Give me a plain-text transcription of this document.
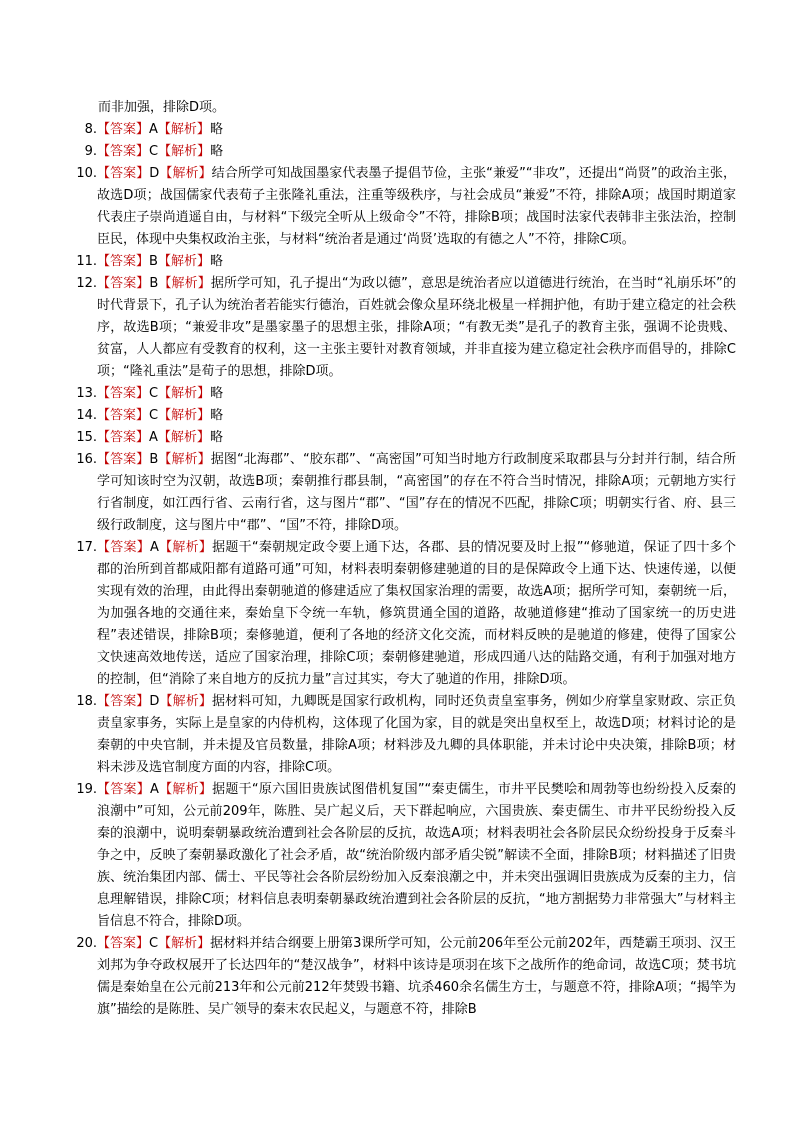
而非加强，排除D项。
8. 【答案】A【解析】略
9. 【答案】C【解析】略
10. 【答案】D【解析】结合所学可知战国墨家代表墨子提倡节俭，主张“兼爱”“非攻”，还提出“尚贤”的政治主张，故选D项；战国儒家代表荀子主张隆礼重法，注重等级秩序，与社会成员“兼爱”不符，排除A项；战国时期道家代表庄子崇尚逍遥自由，与材料“下级完全听从上级命令”不符，排除B项；战国时法家代表韩非主张法治，控制臣民，体现中央集权政治主张，与材料“统治者是通过‘尚贤’选取的有德之人”不符，排除C项。
11. 【答案】B【解析】略
12. 【答案】B【解析】据所学可知，孔子提出“为政以德”，意思是统治者应以道德进行统治，在当时“礼崩乐坏”的时代背景下，孔子认为统治者若能实行德治，百姓就会像众星环绕北极星一样拥护他，有助于建立稳定的社会秩序，故选B项；“兼爱非攻”是墨家墨子的思想主张，排除A项；“有教无类”是孔子的教育主张，强调不论贵贱、贫富，人人都应有受教育的权利，这一主张主要针对教育领域，并非直接为建立稳定社会秩序而倡导的，排除C项；“隆礼重法”是荀子的思想，排除D项。
13. 【答案】C【解析】略
14. 【答案】C【解析】略
15. 【答案】A【解析】略
16. 【答案】B【解析】据图“北海郡”、“胶东郡”、“高密国”可知当时地方行政制度采取郡县与分封并行制，结合所学可知该时空为汉朝，故选B项；秦朝推行郡县制，“高密国”的存在不符合当时情况，排除A项；元朝地方实行行省制度，如江西行省、云南行省，这与图片“郡”、“国”存在的情况不匹配，排除C项；明朝实行省、府、县三级行政制度，这与图片中“郡”、“国”不符，排除D项。
17. 【答案】A【解析】据题干“秦朝规定政令要上通下达，各郡、县的情况要及时上报”“修驰道，保证了四十多个郡的治所到首都咸阳都有道路可通”可知，材料表明秦朝修建驰道的目的是保障政令上通下达、快速传递，以便实现有效的治理，由此得出秦朝驰道的修建适应了集权国家治理的需要，故选A项；据所学可知，秦朝统一后，为加强各地的交通往来，秦始皇下令统一车轨，修筑贯通全国的道路，故驰道修建“推动了国家统一的历史进程”表述错误，排除B项；秦修驰道，便利了各地的经济文化交流，而材料反映的是驰道的修建，使得了国家公文快速高效地传送，适应了国家治理，排除C项；秦朝修建驰道，形成四通八达的陆路交通，有利于加强对地方的控制，但“消除了来自地方的反抗力量”言过其实，夸大了驰道的作用，排除D项。
18. 【答案】D【解析】据材料可知，九卿既是国家行政机构，同时还负责皇室事务，例如少府掌皇家财政、宗正负责皇家事务，实际上是皇家的内侍机构，这体现了化国为家，目的就是突出皇权至上，故选D项；材料讨论的是秦朝的中央官制，并未提及官员数量，排除A项；材料涉及九卿的具体职能，并未讨论中央决策，排除B项；材料未涉及选官制度方面的内容，排除C项。
19. 【答案】A【解析】据题干“原六国旧贵族试图借机复国”“秦吏儒生，市井平民樊哙和周勃等也纷纷投入反秦的浪潮中”可知，公元前209年，陈胜、吴广起义后，天下群起响应，六国贵族、秦吏儒生、市井平民纷纷投入反秦的浪潮中，说明秦朝暴政统治遭到社会各阶层的反抗，故选A项；材料表明社会各阶层民众纷纷投身于反秦斗争之中，反映了秦朝暴政激化了社会矛盾，故“统治阶级内部矛盾尖锐”解读不全面，排除B项；材料描述了旧贵族、统治集团内部、儒士、平民等社会各阶层纷纷加入反秦浪潮之中，并未突出强调旧贵族成为反秦的主力，信息理解错误，排除C项；材料信息表明秦朝暴政统治遭到社会各阶层的反抗，“地方割据势力非常强大”与材料主旨信息不符合，排除D项。
20. 【答案】C【解析】据材料并结合纲要上册第3课所学可知，公元前206年至公元前202年，西楚霸王项羽、汉王刘邦为争夺政权展开了长达四年的“楚汉战争”，材料中该诗是项羽在垓下之战所作的绝命词，故选C项；焚书坑儒是秦始皇在公元前213年和公元前212年焚毁书籍、坑杀460余名儒生方士，与题意不符，排除A项；“揭竿为旗”描绘的是陈胜、吴广领导的秦末农民起义，与题意不符，排除B
